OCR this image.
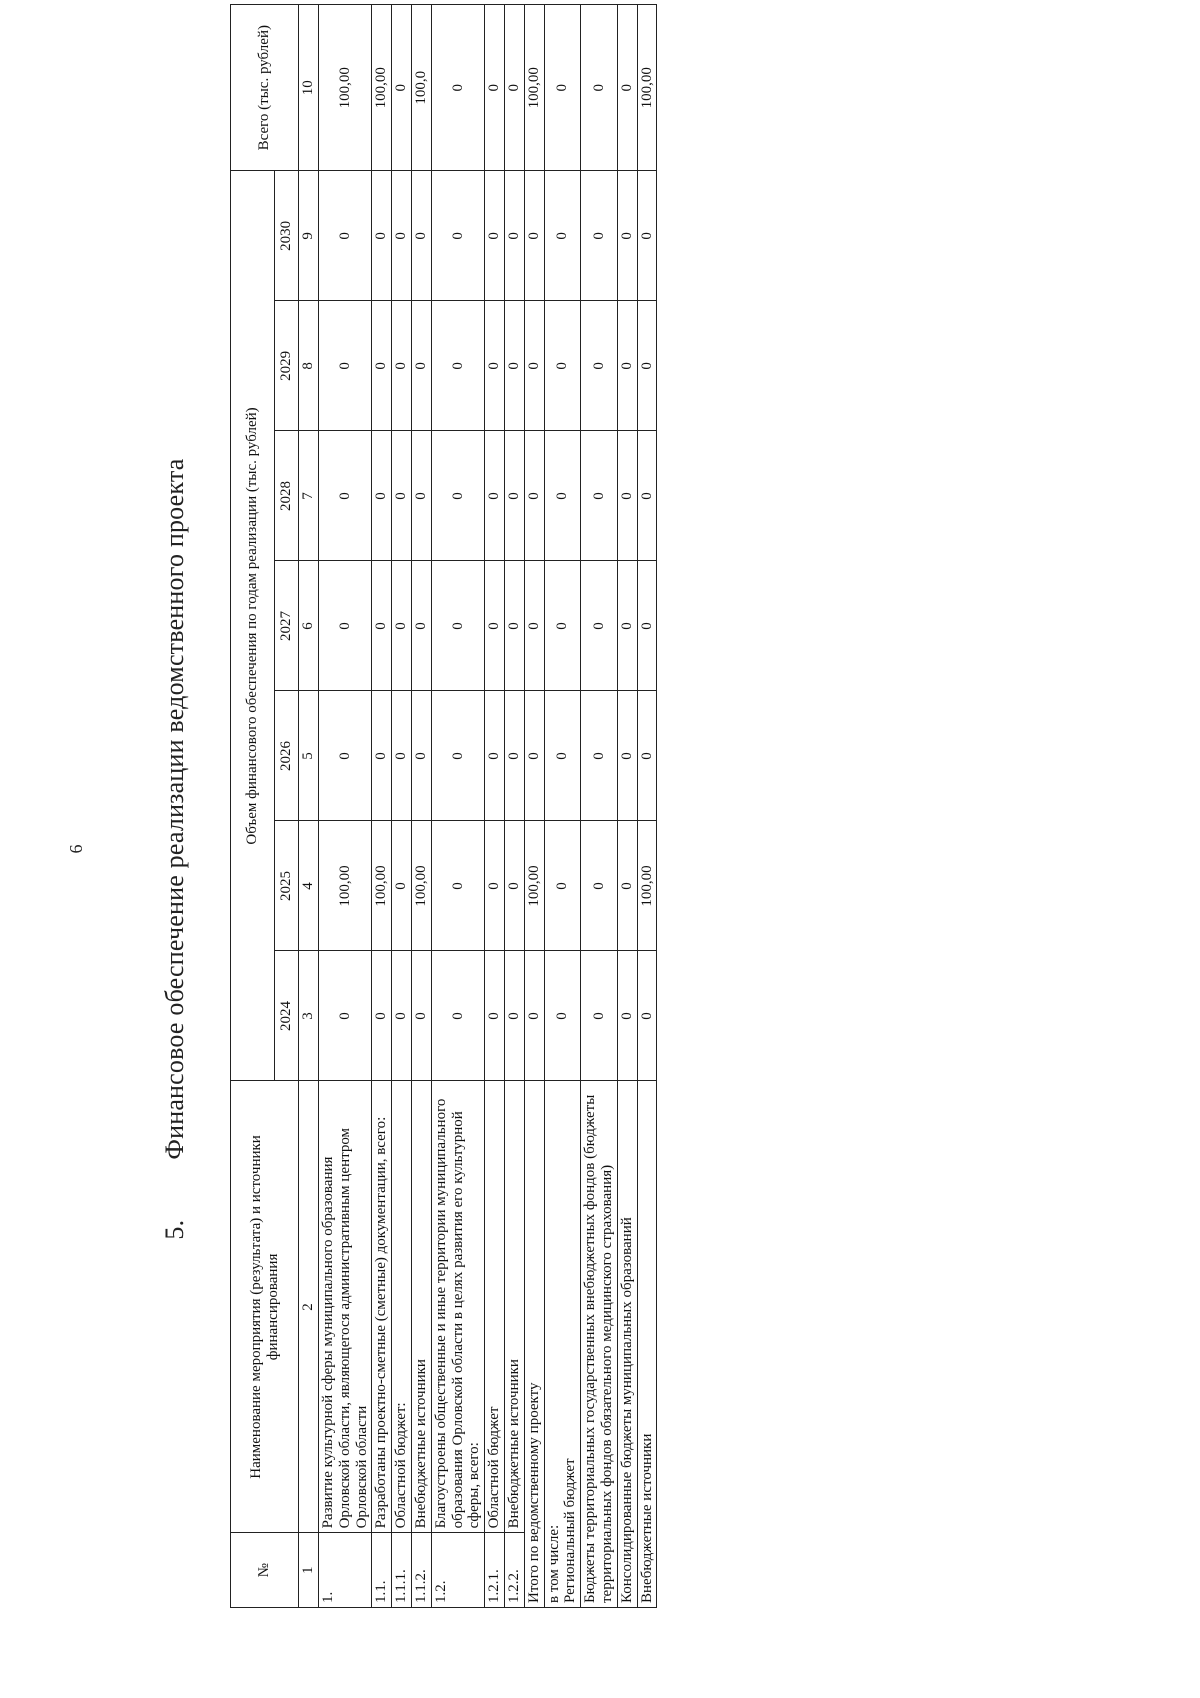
6
5.Финансовое обеспечение реализации ведомственного проекта
№	Наименование мероприятия (результата) и источники финансирования	Объем финансового обеспечения по годам реализации (тыс. рублей)							Всего (тыс. рублей)
		2024	2025	2026	2027	2028	2029	2030	
1	2	3	4	5	6	7	8	9	10
1.	Развитие культурной сферы муниципального образования Орловской области, являющегося административным центром Орловской области	0	100,00	0	0	0	0	0	100,00
1.1.	Разработаны проектно-сметные (сметные) документации, всего:	0	100,00	0	0	0	0	0	100,00
1.1.1.	Областной бюджет:	0	0	0	0	0	0	0	0
1.1.2.	Внебюджетные источники	0	100,00	0	0	0	0	0	100,0
1.2.	Благоустроены общественные и иные территории муниципального образования Орловской области в целях развития его культурной сферы, всего:	0	0	0	0	0	0	0	0
1.2.1.	Областной бюджет	0	0	0	0	0	0	0	0
1.2.2.	Внебюджетные источники	0	0	0	0	0	0	0	0
Итого по ведомственному проекту		0	100,00	0	0	0	0	0	100,00
в том числе:
Региональный бюджет		0	0	0	0	0	0	0	0
Бюджеты территориальных государственных внебюджетных фондов (бюджеты территориальных фондов обязательного медицинского страхования)		0	0	0	0	0	0	0	0
Консолидированные бюджеты муниципальных образований		0	0	0	0	0	0	0	0
Внебюджетные источники		0	100,00	0	0	0	0	0	100,00
